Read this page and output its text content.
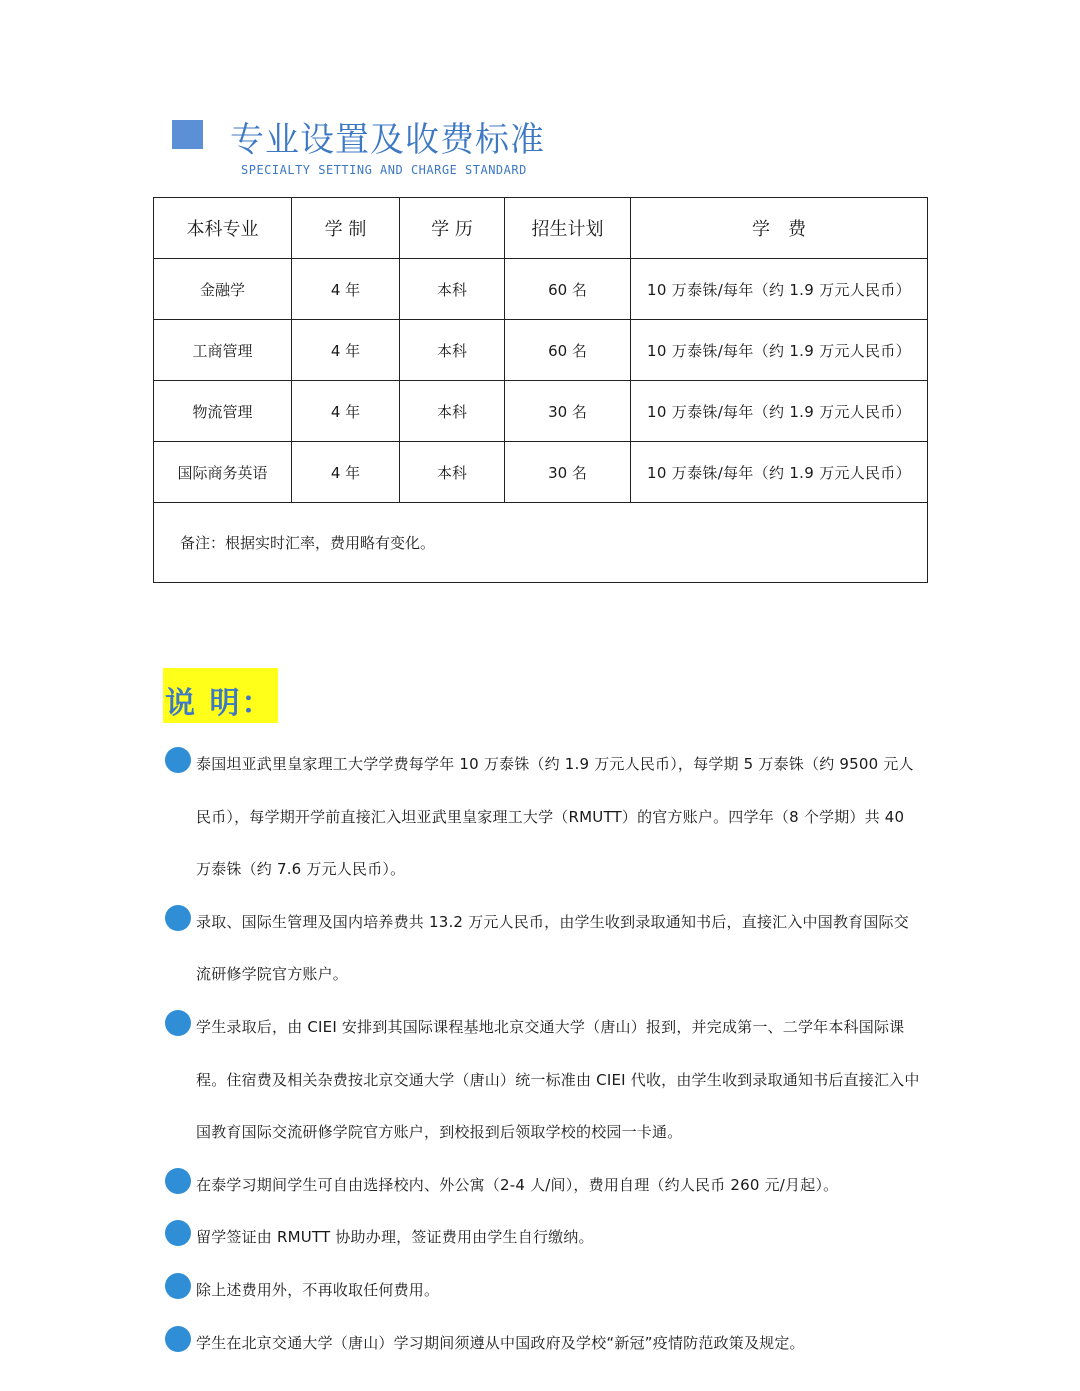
专业设置及收费标准
SPECIALTY SETTING AND CHARGE STANDARD
本科专业	学 制	学 历	招生计划	学　费
金融学	4 年	本科	60 名	10 万泰铢/每年（约 1.9 万元人民币）
工商管理	4 年	本科	60 名	10 万泰铢/每年（约 1.9 万元人民币）
物流管理	4 年	本科	30 名	10 万泰铢/每年（约 1.9 万元人民币）
国际商务英语	4 年	本科	30 名	10 万泰铢/每年（约 1.9 万元人民币）
备注：根据实时汇率，费用略有变化。				
说 明：
泰国坦亚武里皇家理工大学学费每学年 10 万泰铢（约 1.9 万元人民币），每学期 5 万泰铢（约 9500 元人民币），每学期开学前直接汇入坦亚武里皇家理工大学（RMUTT）的官方账户。四学年（8 个学期）共 40 万泰铢（约 7.6 万元人民币）。
录取、国际生管理及国内培养费共 13.2 万元人民币，由学生收到录取通知书后，直接汇入中国教育国际交流研修学院官方账户。
学生录取后，由 CIEI 安排到其国际课程基地北京交通大学（唐山）报到，并完成第一、二学年本科国际课程。住宿费及相关杂费按北京交通大学（唐山）统一标准由 CIEI 代收，由学生收到录取通知书后直接汇入中国教育国际交流研修学院官方账户，到校报到后领取学校的校园一卡通。
在泰学习期间学生可自由选择校内、外公寓（2-4 人/间），费用自理（约人民币 260 元/月起）。
留学签证由 RMUTT 协助办理，签证费用由学生自行缴纳。
除上述费用外，不再收取任何费用。
学生在北京交通大学（唐山）学习期间须遵从中国政府及学校“新冠”疫情防范政策及规定。
